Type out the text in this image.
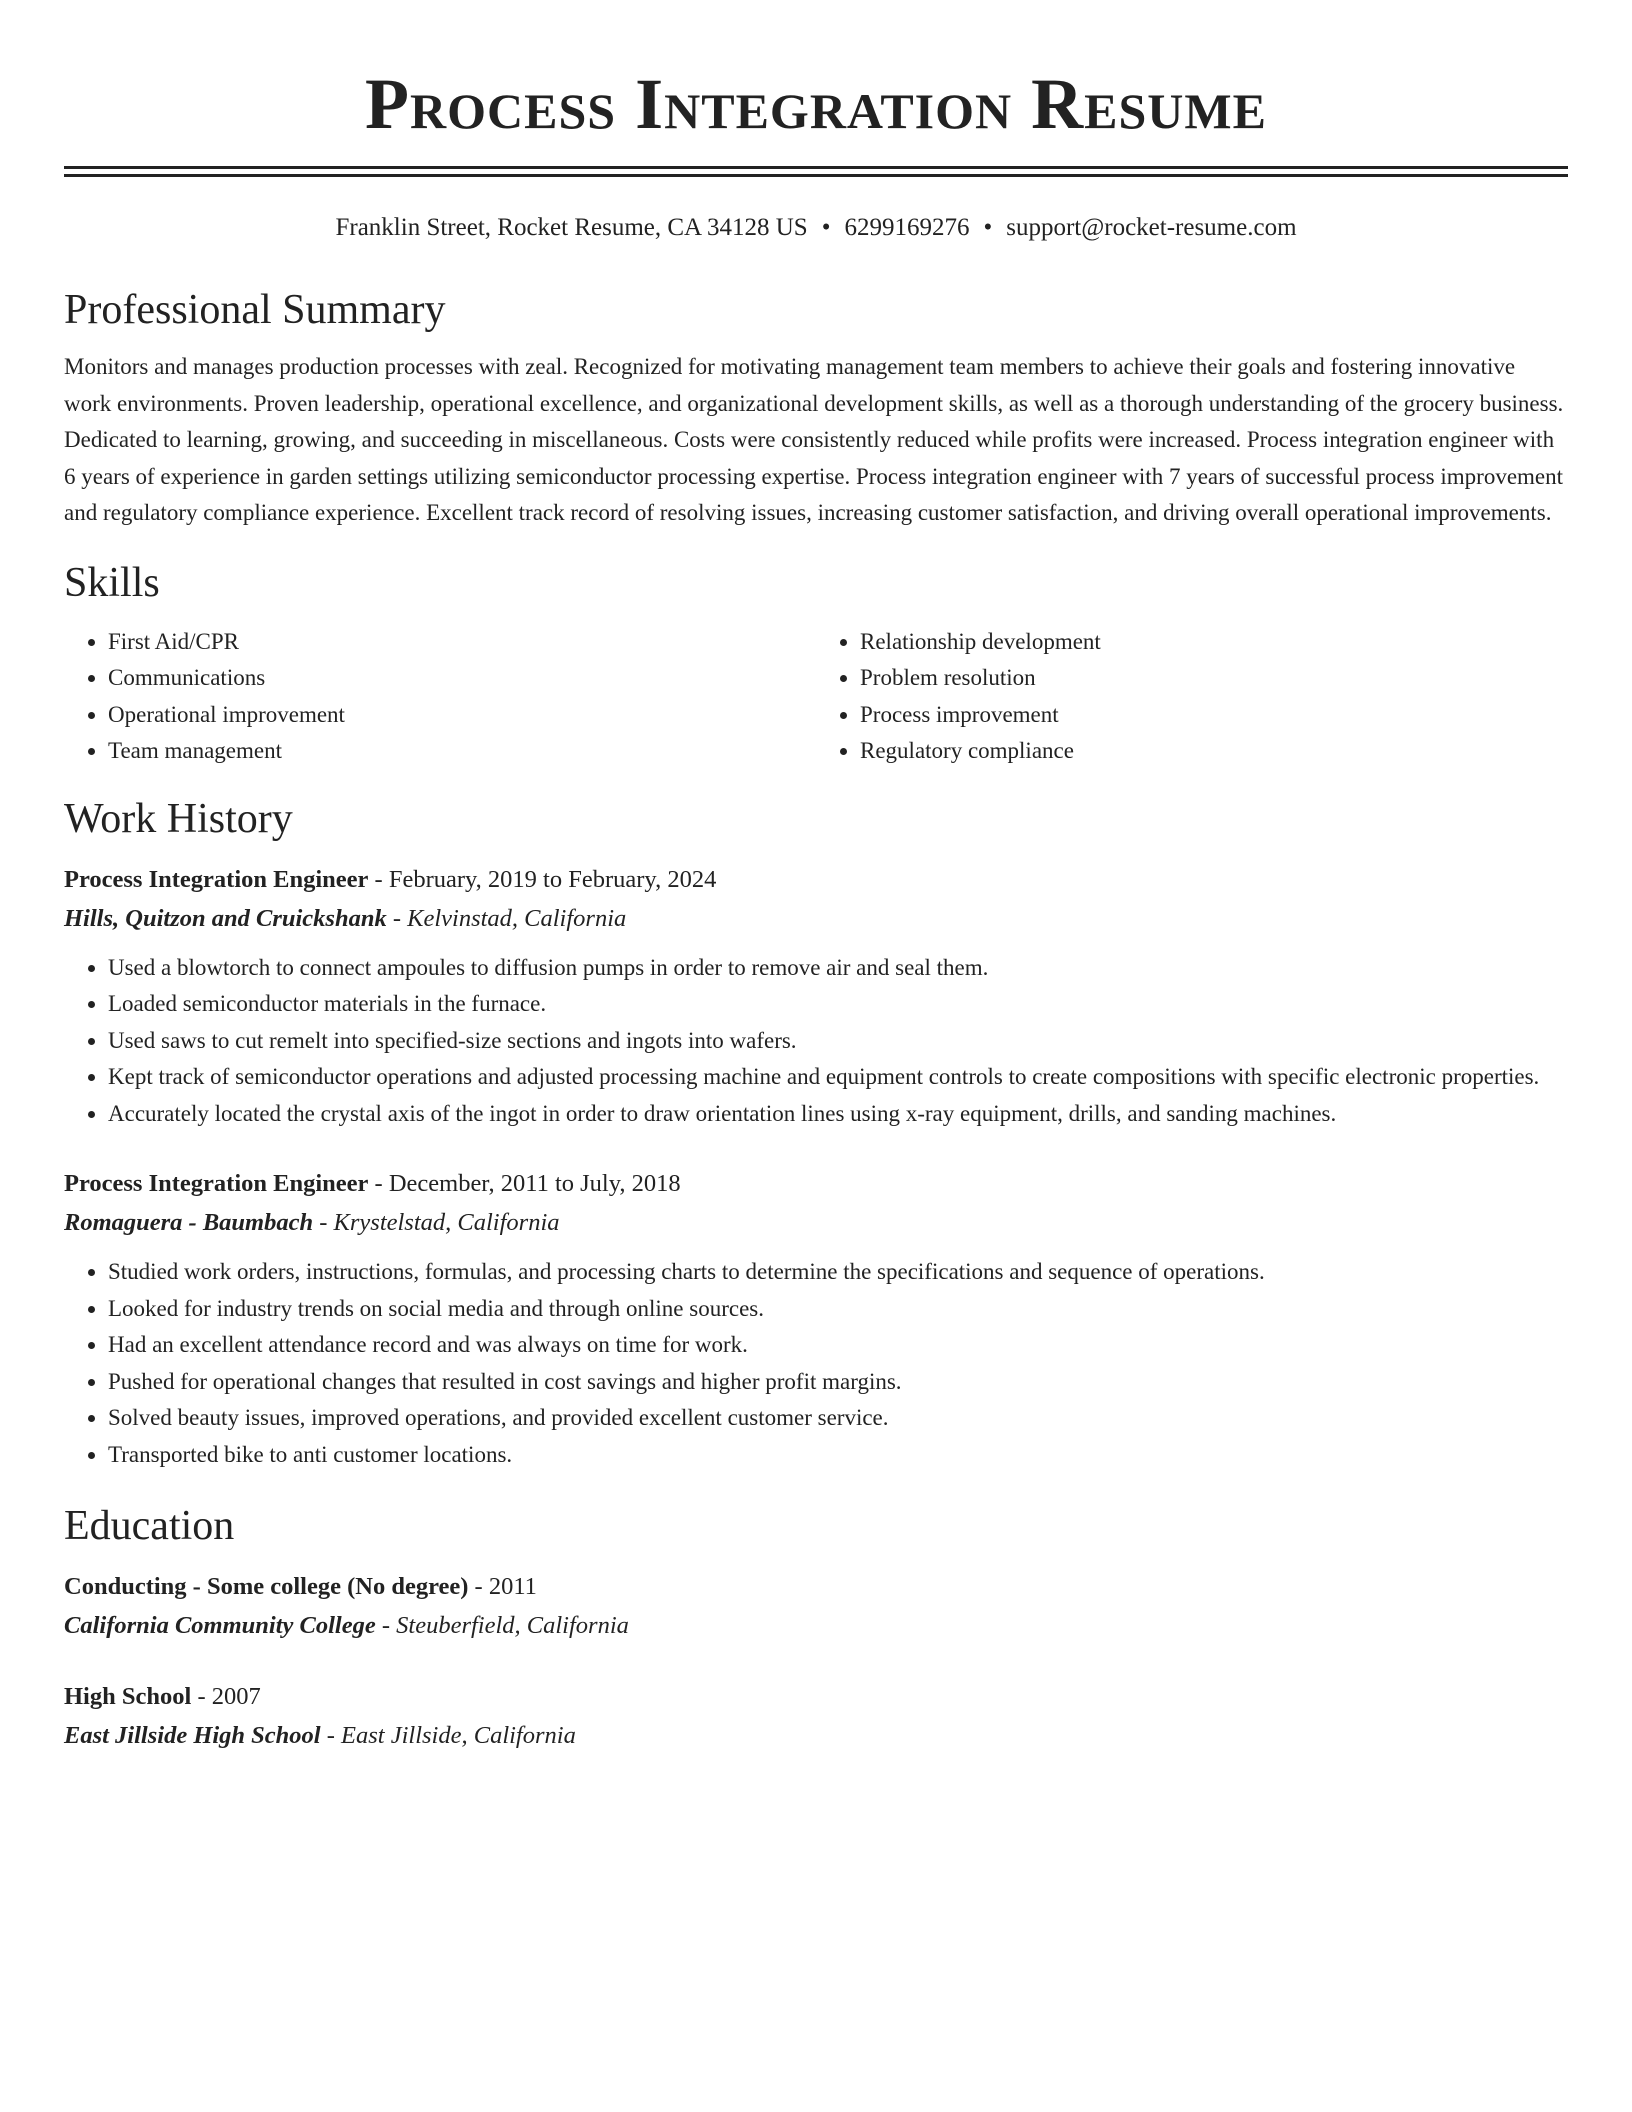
Process Integration Resume
Franklin Street, Rocket Resume, CA 34128 US • 6299169276 • support@rocket-resume.com
Professional Summary
Monitors and manages production processes with zeal. Recognized for motivating management team members to achieve their goals and fostering innovative work environments. Proven leadership, operational excellence, and organizational development skills, as well as a thorough understanding of the grocery business. Dedicated to learning, growing, and succeeding in miscellaneous. Costs were consistently reduced while profits were increased. Process integration engineer with 6 years of experience in garden settings utilizing semiconductor processing expertise. Process integration engineer with 7 years of successful process improvement and regulatory compliance experience. Excellent track record of resolving issues, increasing customer satisfaction, and driving overall operational improvements.
Skills
• First Aid/CPR
• Communications
• Operational improvement
• Team management
• Relationship development
• Problem resolution
• Process improvement
• Regulatory compliance
Work History
Process Integration Engineer - February, 2019 to February, 2024
Hills, Quitzon and Cruickshank - Kelvinstad, California
• Used a blowtorch to connect ampoules to diffusion pumps in order to remove air and seal them.
• Loaded semiconductor materials in the furnace.
• Used saws to cut remelt into specified-size sections and ingots into wafers.
• Kept track of semiconductor operations and adjusted processing machine and equipment controls to create compositions with specific electronic properties.
• Accurately located the crystal axis of the ingot in order to draw orientation lines using x-ray equipment, drills, and sanding machines.
Process Integration Engineer - December, 2011 to July, 2018
Romaguera - Baumbach - Krystelstad, California
• Studied work orders, instructions, formulas, and processing charts to determine the specifications and sequence of operations.
• Looked for industry trends on social media and through online sources.
• Had an excellent attendance record and was always on time for work.
• Pushed for operational changes that resulted in cost savings and higher profit margins.
• Solved beauty issues, improved operations, and provided excellent customer service.
• Transported bike to anti customer locations.
Education
Conducting - Some college (No degree) - 2011
California Community College - Steuberfield, California
High School - 2007
East Jillside High School - East Jillside, California
